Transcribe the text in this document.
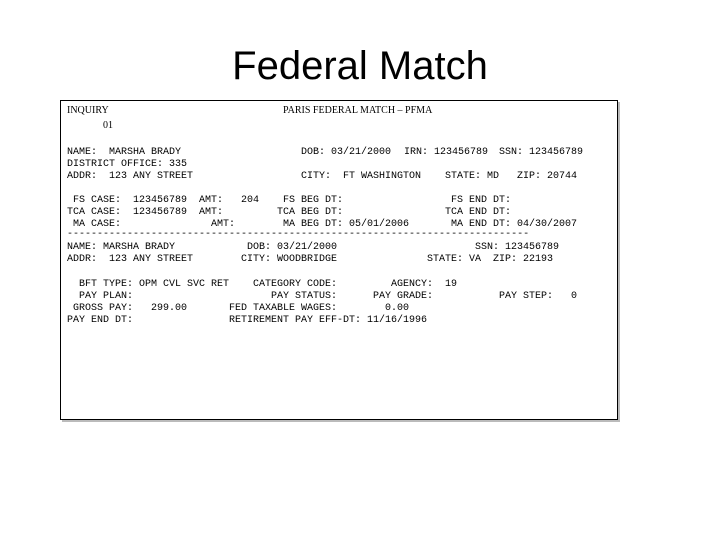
Federal Match
INQUIRY
01
PARIS FEDERAL MATCH – PFMA
NAME:  MARSHA BRADY	DOB: 03/21/2000 IRN: 123456789 SSN: 123456789
DISTRICT OFFICE: 335
ADDR:  123 ANY STREET	CITY:  FT WASHINGTON STATE: MD ZIP: 20744
FS CASE:  123456789  AMT:   204 FS BEG DT:	FS END DT:
TCA CASE:  123456789  AMT:	TCA BEG DT:	TCA END DT:
MA CASE:               AMT:	MA BEG DT: 05/01/2006	MA END DT: 04/30/2007
-----------------------------------------------------------------------------
NAME: MARSHA BRADY	DOB: 03/21/2000	SSN: 123456789
ADDR:  123 ANY STREET	CITY: WOODBRIDGE	STATE: VA  ZIP: 22193
BFT TYPE: OPM CVL SVC RET CATEGORY CODE:	AGENCY:  19
PAY PLAN:	PAY STATUS:	PAY GRADE:	PAY STEP:   0
GROSS PAY:   299.00	FED TAXABLE WAGES:	0.00
PAY END DT:	RETIREMENT PAY EFF-DT: 11/16/1996
